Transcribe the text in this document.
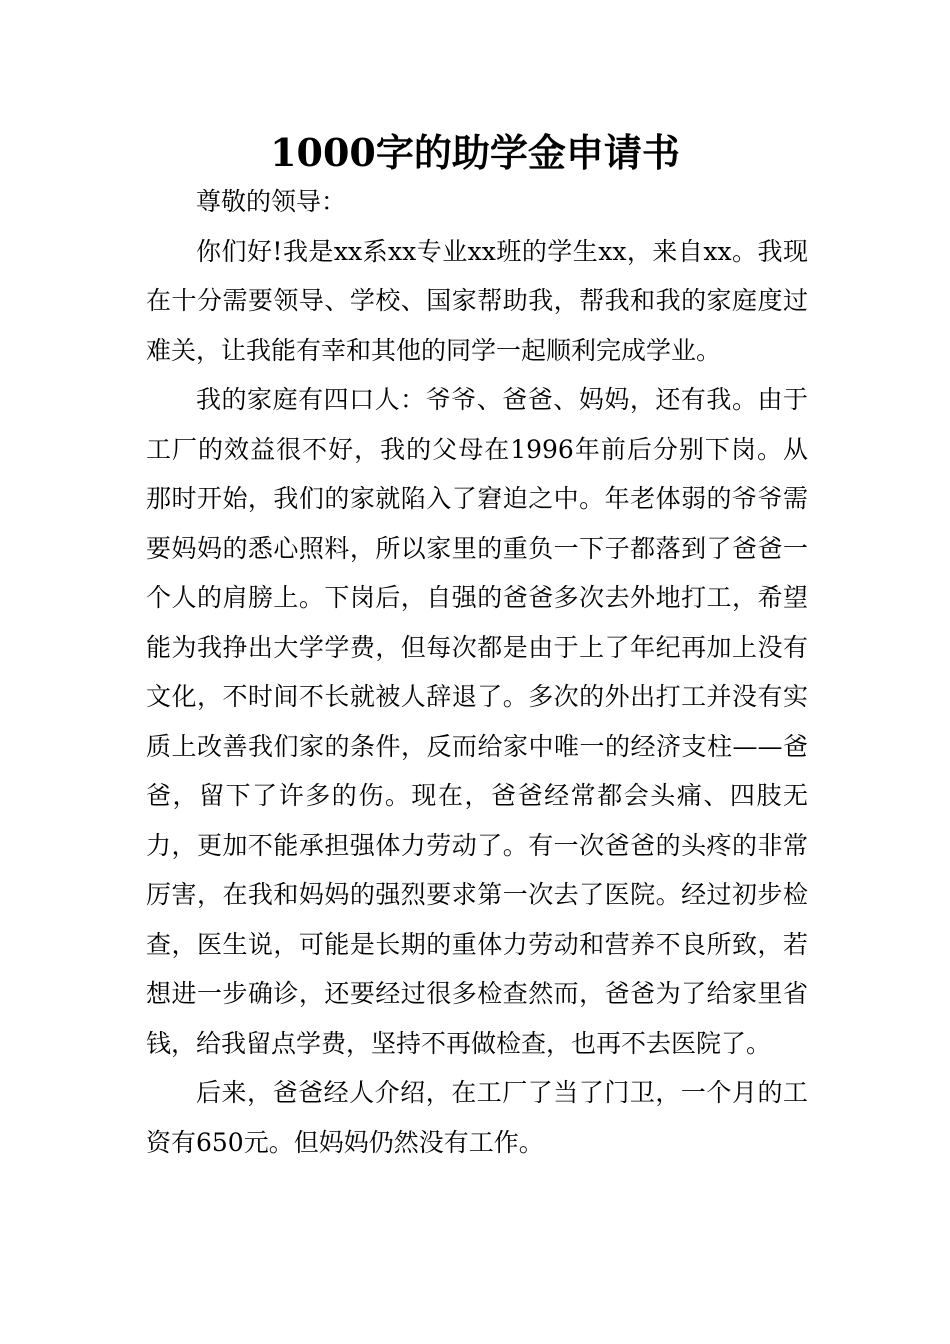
1000字的助学金申请书

尊敬的领导：

你们好!我是xx系xx专业xx班的学生xx，来自xx。我现在十分需要领导、学校、国家帮助我，帮我和我的家庭度过难关，让我能有幸和其他的同学一起顺利完成学业。

我的家庭有四口人：爷爷、爸爸、妈妈，还有我。由于工厂的效益很不好，我的父母在1996年前后分别下岗。从那时开始，我们的家就陷入了窘迫之中。年老体弱的爷爷需要妈妈的悉心照料，所以家里的重负一下子都落到了爸爸一个人的肩膀上。下岗后，自强的爸爸多次去外地打工，希望能为我挣出大学学费，但每次都是由于上了年纪再加上没有文化，不时间不长就被人辞退了。多次的外出打工并没有实质上改善我们家的条件，反而给家中唯一的经济支柱——爸爸，留下了许多的伤。现在，爸爸经常都会头痛、四肢无力，更加不能承担强体力劳动了。有一次爸爸的头疼的非常厉害，在我和妈妈的强烈要求第一次去了医院。经过初步检查，医生说，可能是长期的重体力劳动和营养不良所致，若想进一步确诊，还要经过很多检查然而，爸爸为了给家里省钱，给我留点学费，坚持不再做检查，也再不去医院了。

后来，爸爸经人介绍，在工厂了当了门卫，一个月的工资有650元。但妈妈仍然没有工作。
